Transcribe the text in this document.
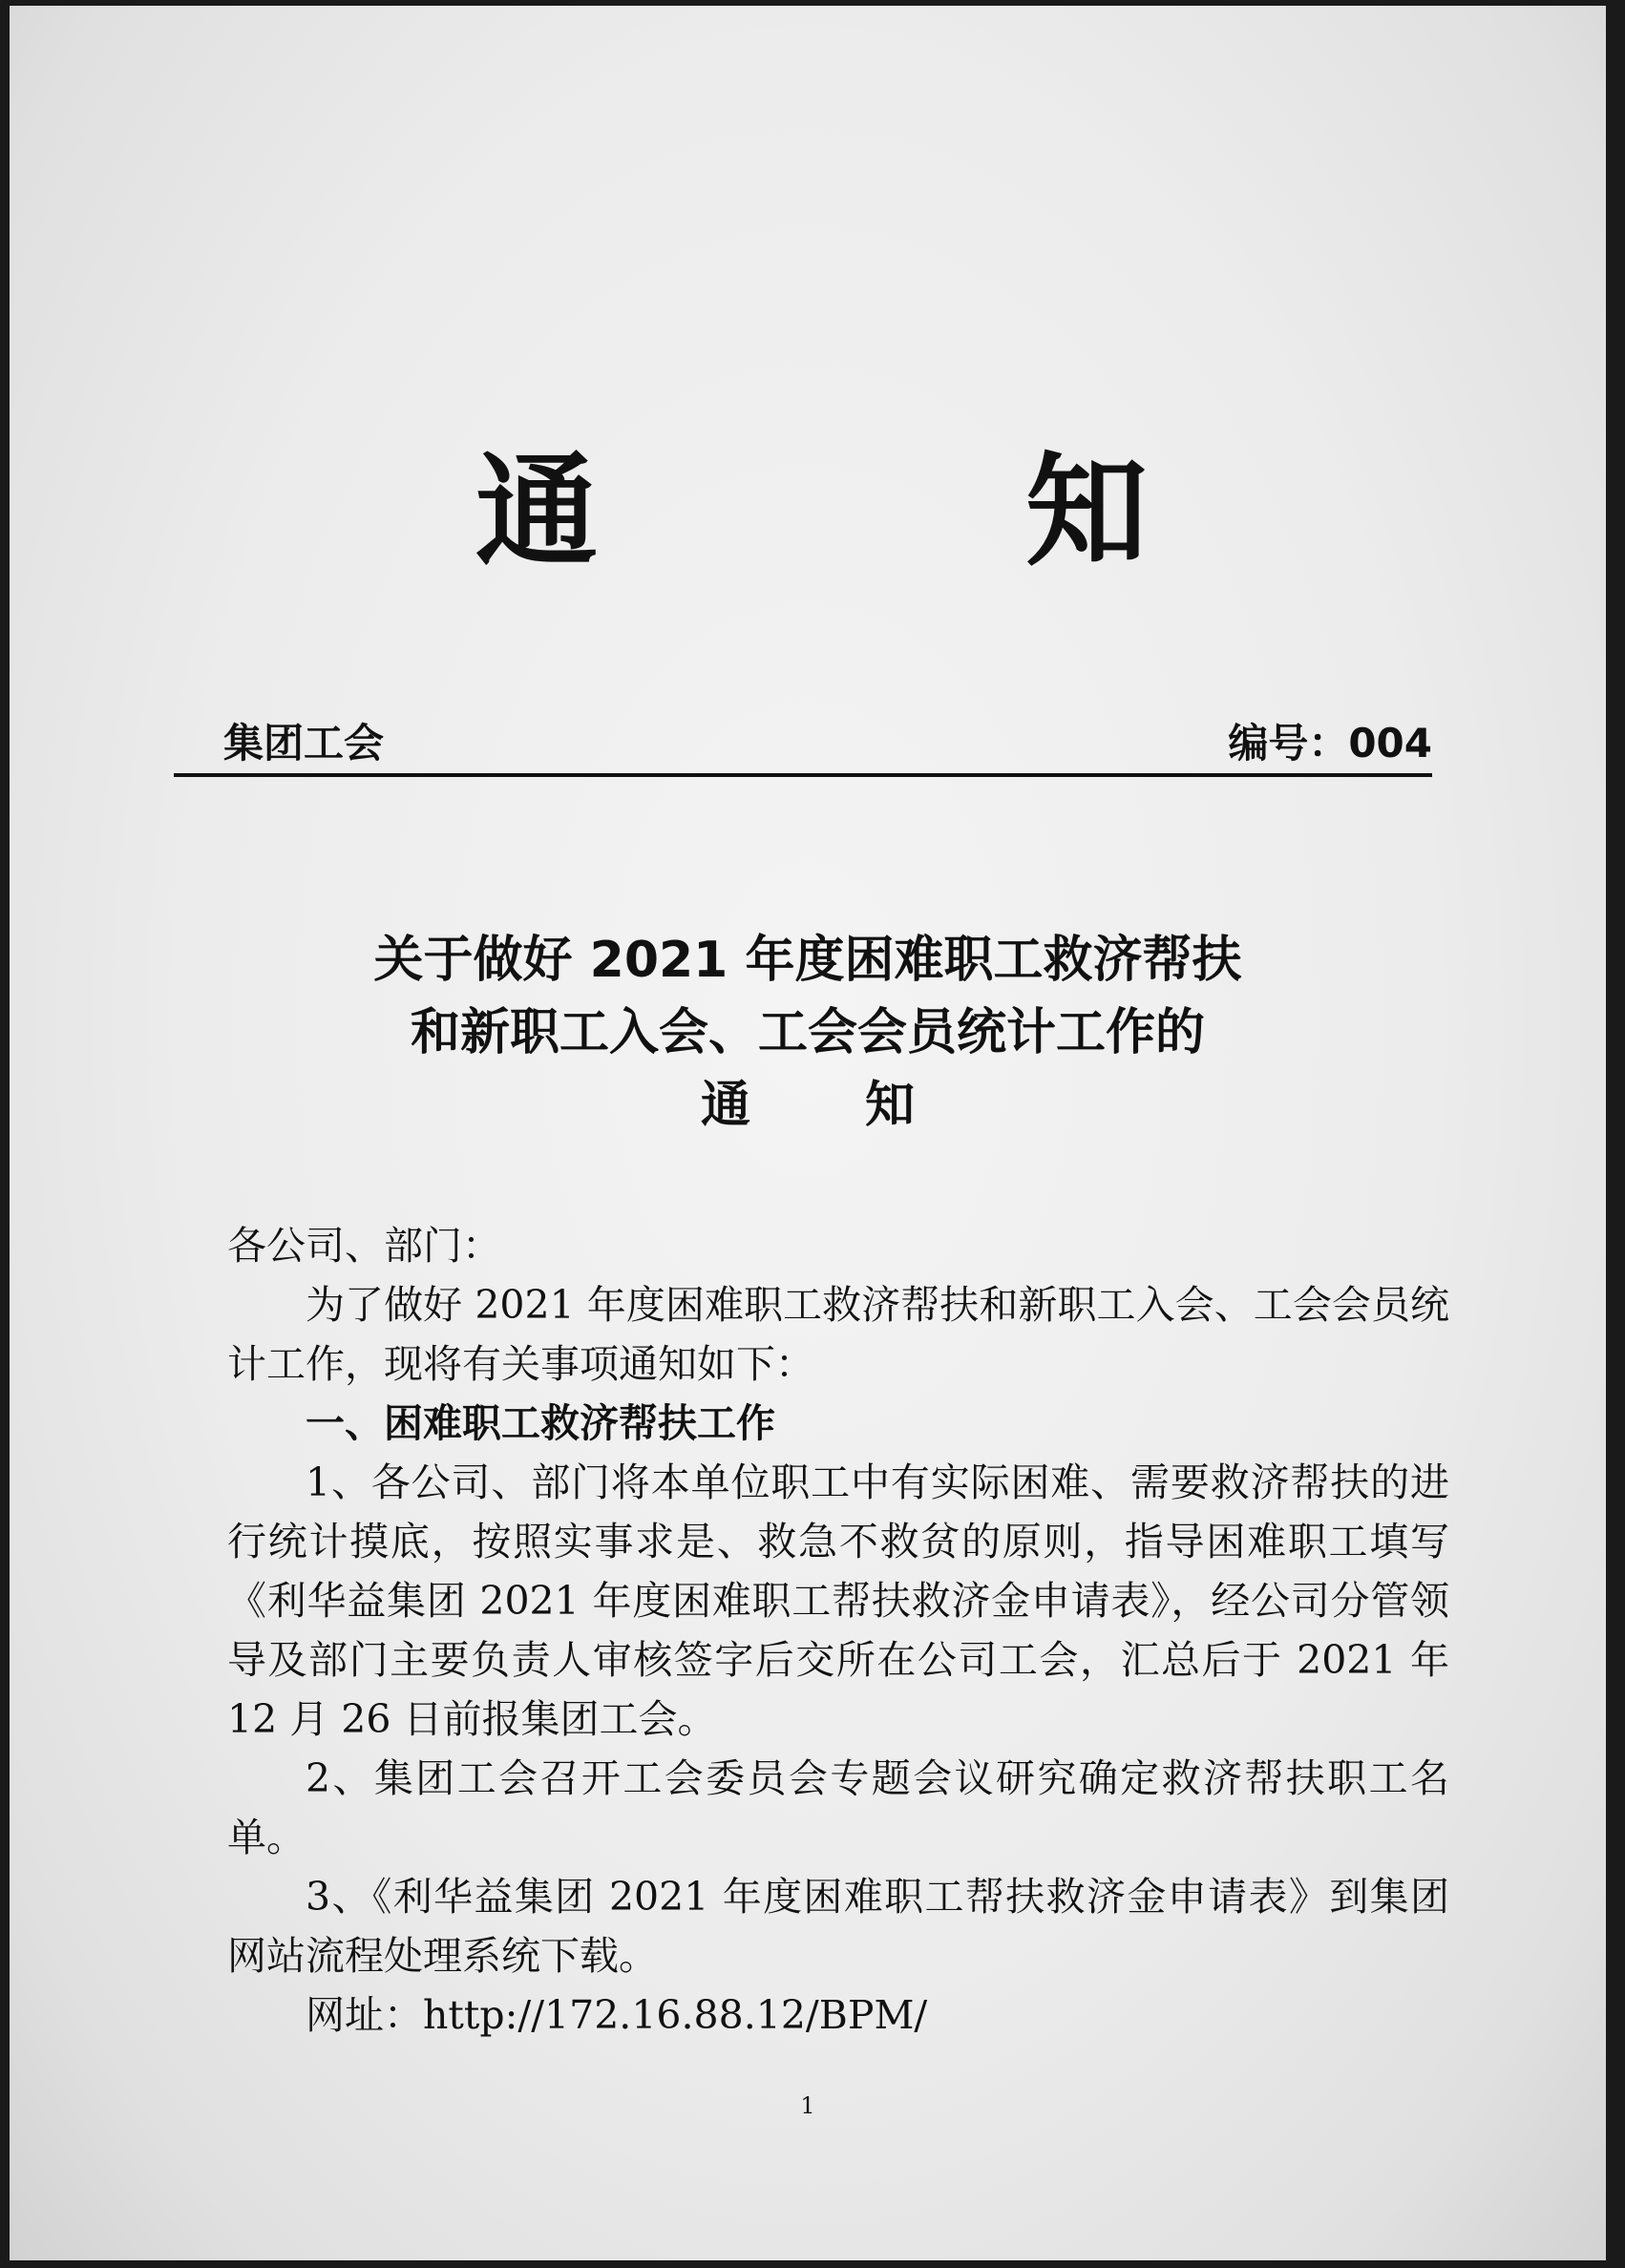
通	知
集团工会	编号：004
关于做好 2021 年度困难职工救济帮扶
和新职工入会、工会会员统计工作的
通知

各公司、部门：

为了做好 2021 年度困难职工救济帮扶和新职工入会、工会会员统计工作，现将有关事项通知如下：

一、困难职工救济帮扶工作

1、各公司、部门将本单位职工中有实际困难、需要救济帮扶的进行统计摸底，按照实事求是、救急不救贫的原则，指导困难职工填写《利华益集团 2021 年度困难职工帮扶救济金申请表》，经公司分管领导及部门主要负责人审核签字后交所在公司工会，汇总后于 2021 年 12 月 26 日前报集团工会。

2、集团工会召开工会委员会专题会议研究确定救济帮扶职工名单。

3、《利华益集团 2021 年度困难职工帮扶救济金申请表》到集团网站流程处理系统下载。

网址：http://172.16.88.12/BPM/

1
